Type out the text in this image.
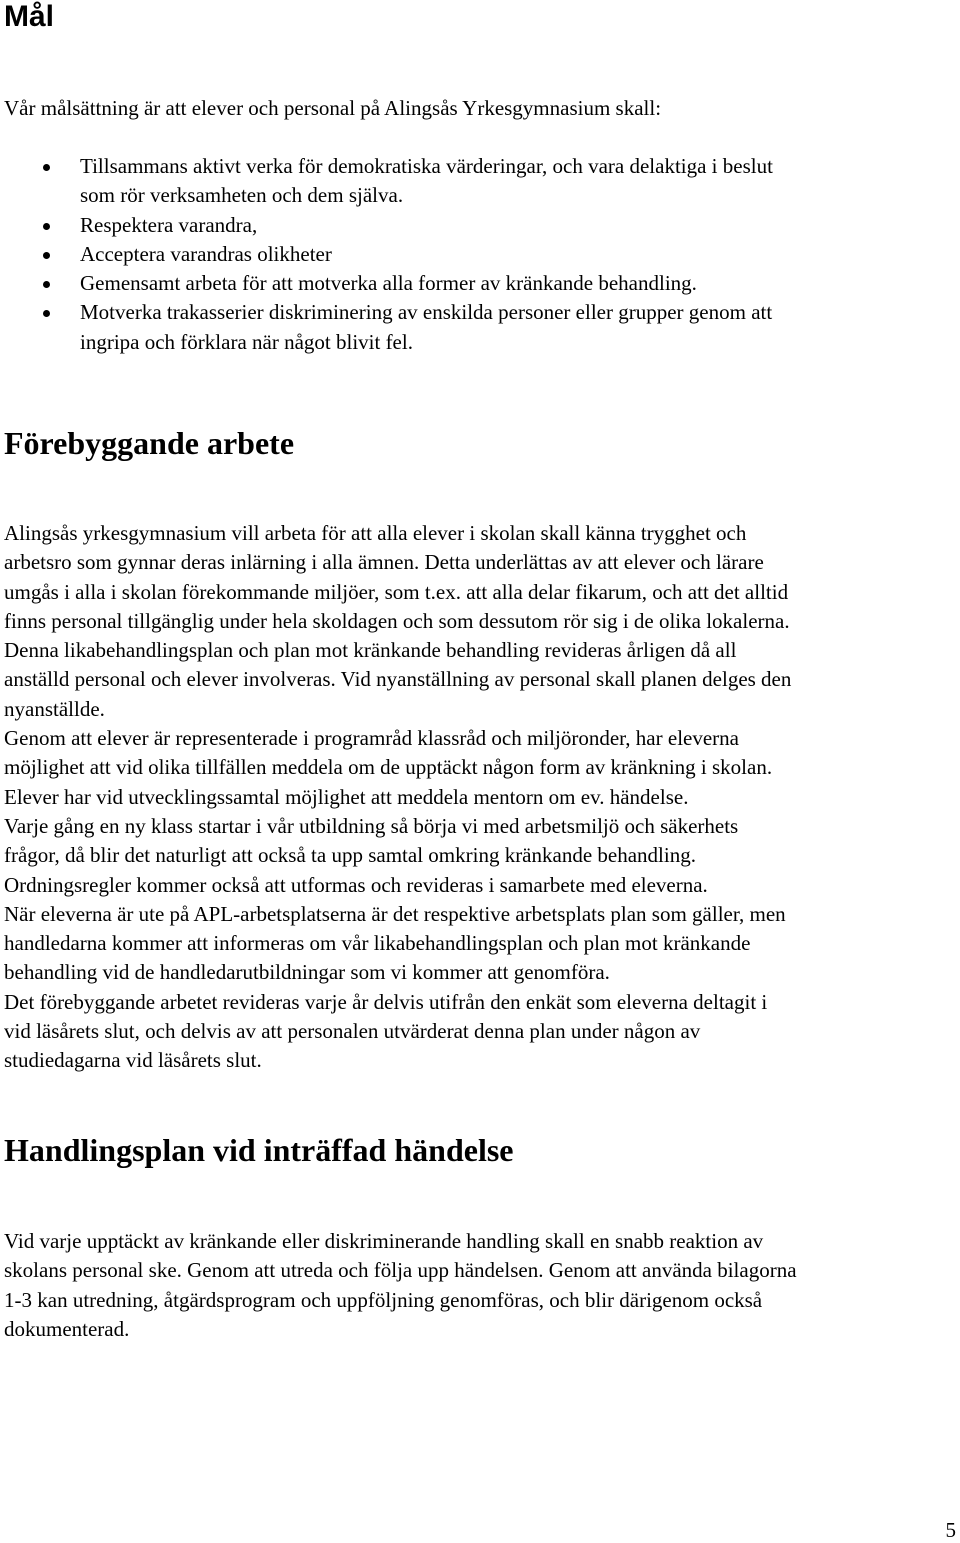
Mål

Vår målsättning är att elever och personal på Alingsås Yrkesgymnasium skall:

Tillsammans aktivt verka för demokratiska värderingar, och vara delaktiga i beslut
som rör verksamheten och dem själva.
Respektera varandra,
Acceptera varandras olikheter
Gemensamt arbeta för att motverka alla former av kränkande behandling.
Motverka trakasserier diskriminering av enskilda personer eller grupper genom att
ingripa och förklara när något blivit fel.
Förebyggande arbete

Alingsås yrkesgymnasium vill arbeta för att alla elever i skolan skall känna trygghet och
arbetsro som gynnar deras inlärning i alla ämnen. Detta underlättas av att elever och lärare
umgås i alla i skolan förekommande miljöer, som t.ex. att alla delar fikarum, och att det alltid
finns personal tillgänglig under hela skoldagen och som dessutom rör sig i de olika lokalerna.
Denna likabehandlingsplan och plan mot kränkande behandling revideras årligen då all
anställd personal och elever involveras. Vid nyanställning av personal skall planen delges den
nyanställde.
Genom att elever är representerade i programråd klassråd och miljöronder, har eleverna
möjlighet att vid olika tillfällen meddela om de upptäckt någon form av kränkning i skolan.
Elever har vid utvecklingssamtal möjlighet att meddela mentorn om ev. händelse.
Varje gång en ny klass startar i vår utbildning så börja vi med arbetsmiljö och säkerhets
frågor, då blir det naturligt att också ta upp samtal omkring kränkande behandling.
Ordningsregler kommer också att utformas och revideras i samarbete med eleverna.
När eleverna är ute på APL-arbetsplatserna är det respektive arbetsplats plan som gäller, men
handledarna kommer att informeras om vår likabehandlingsplan och plan mot kränkande
behandling vid de handledarutbildningar som vi kommer att genomföra.
Det förebyggande arbetet revideras varje år delvis utifrån den enkät som eleverna deltagit i
vid läsårets slut, och delvis av att personalen utvärderat denna plan under någon av
studiedagarna vid läsårets slut.

Handlingsplan vid inträffad händelse

Vid varje upptäckt av kränkande eller diskriminerande handling skall en snabb reaktion av
skolans personal ske. Genom att utreda och följa upp händelsen. Genom att använda bilagorna
1-3 kan utredning, åtgärdsprogram och uppföljning genomföras, och blir därigenom också
dokumenterad.

5
